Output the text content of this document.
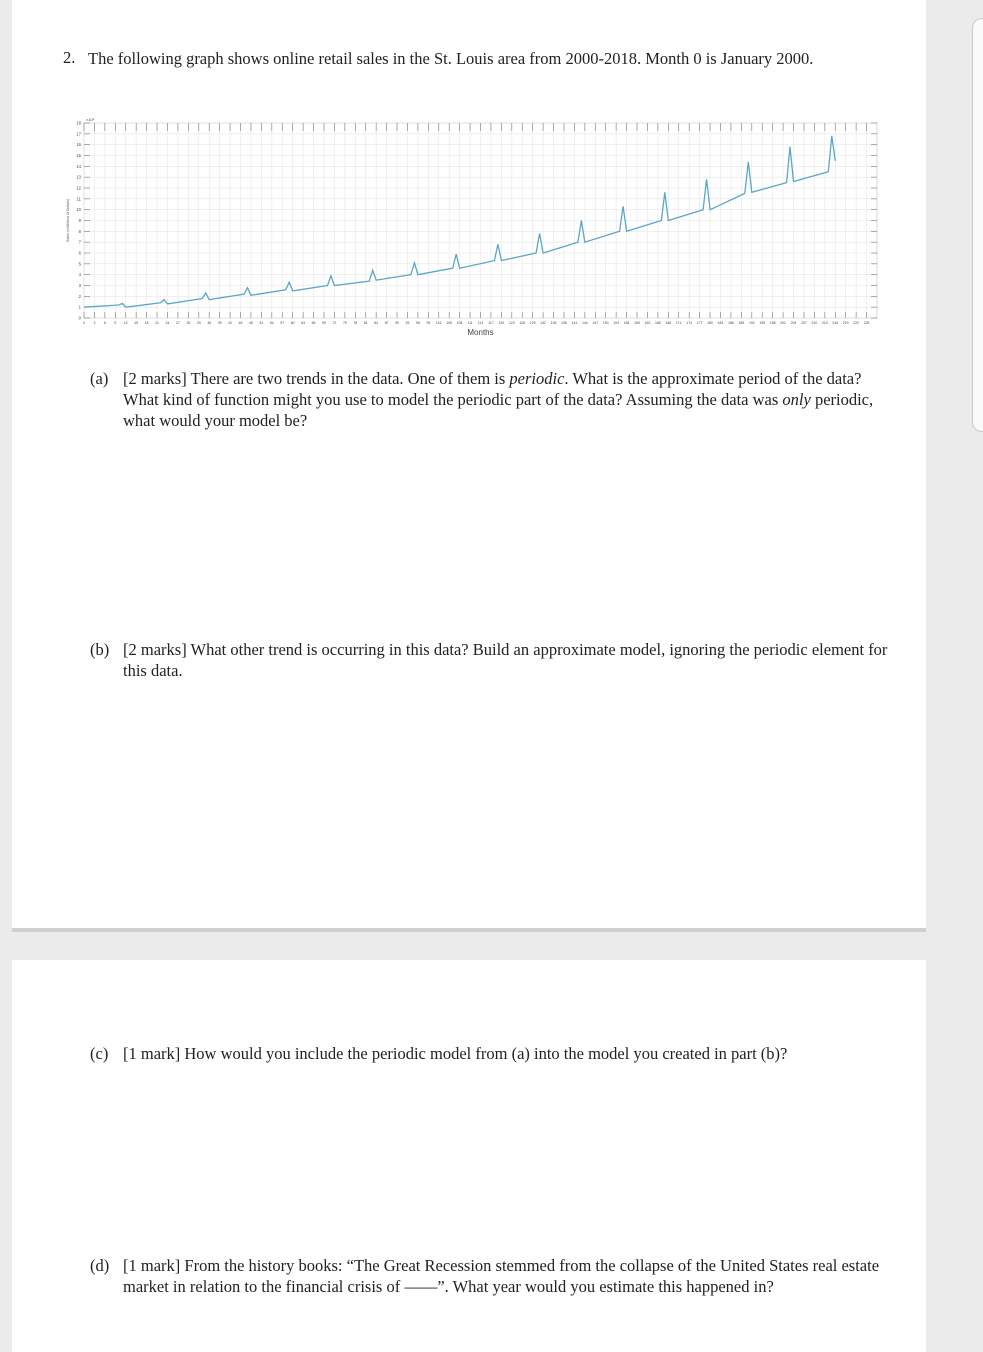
2. The following graph shows online retail sales in the St. Louis area from 2000-2018. Month 0 is January 2000.
0
1
2
3
4
5
6
7
8
9
10
11
12
13
14
15
16
17
18
0	3	6	9 12 15 18 21 24 27 30 33 36 39 42 45 48 51 54 57 60 63 66 69 72 75 78 81 84 87 90 93 96 99 102 105 108 111 114 117 120 123 126 129 132 135 138 141 144 147 150 153 156 159 162 165 168 171 174 177 180 183 186 189 192 195 198 201 204 207 210 213 216 219 222 225
Months
Sales (in Millions of Dollars)
×10⁴
(a) [2 marks] There are two trends in the data. One of them is periodic. What is the approximate period of the data? What kind of function might you use to model the periodic part of the data? Assuming the data was only periodic, what would your model be?
(b) [2 marks] What other trend is occurring in this data? Build an approximate model, ignoring the periodic element for this data.
(c) [1 mark] How would you include the periodic model from (a) into the model you created in part (b)?
(d) [1 mark] From the history books: “The Great Recession stemmed from the collapse of the United States real estate market in relation to the financial crisis of ——”. What year would you estimate this happened in?
